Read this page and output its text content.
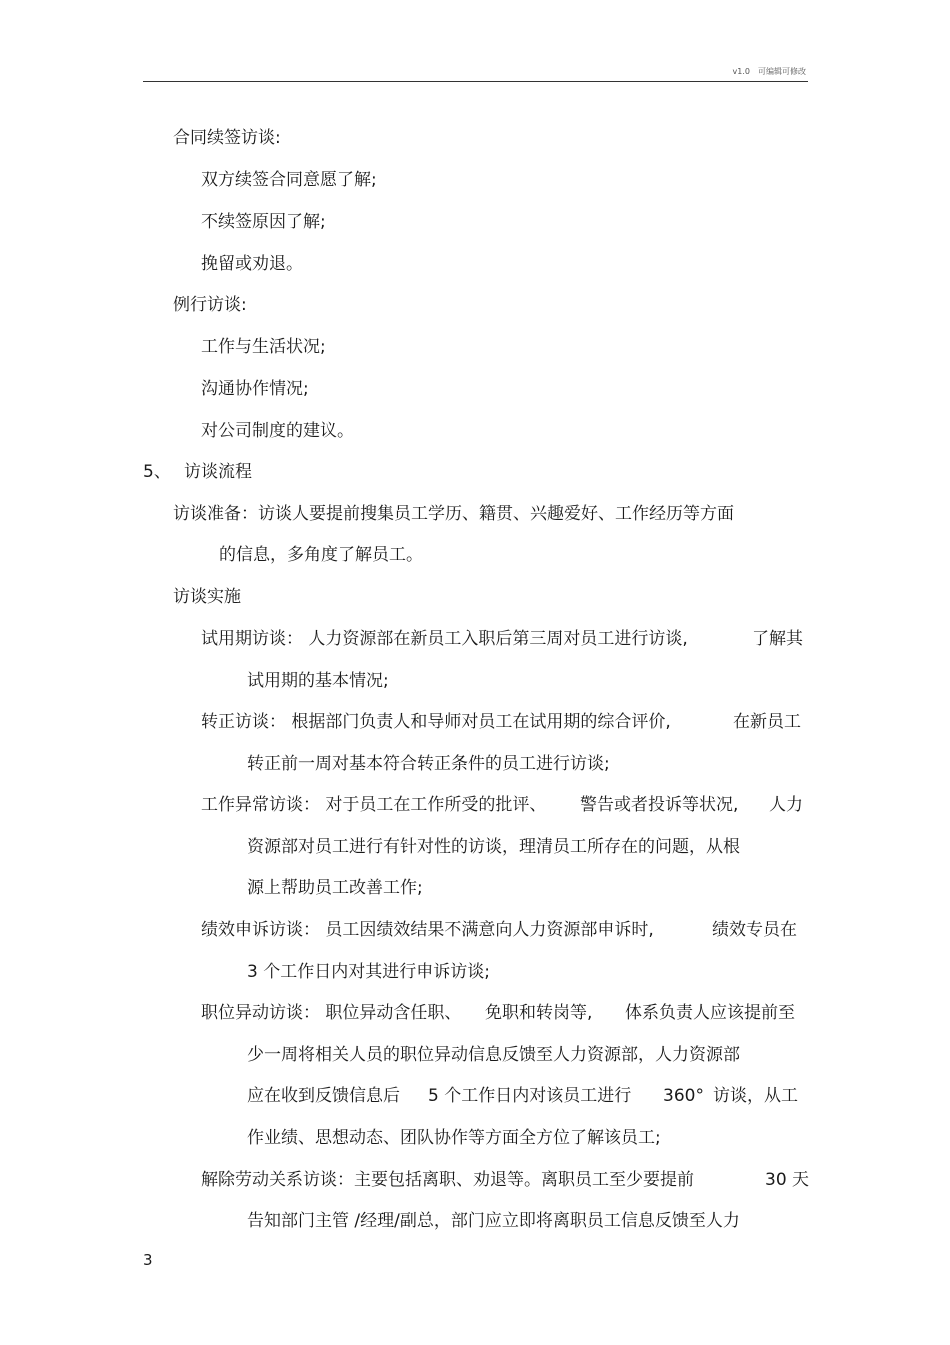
v1.0　可编辑可修改
合同续签访谈:
双方续签合同意愿了解;
不续签原因了解;
挽留或劝退。
例行访谈:
工作与生活状况;
沟通协作情况;
对公司制度的建议。
5、 访谈流程
访谈准备：访谈人要提前搜集员工学历、籍贯、兴趣爱好、工作经历等方面
的信息，多角度了解员工。
访谈实施
试用期访谈： 人力资源部在新员工入职后第三周对员工进行访谈,	了解其
试用期的基本情况;
转正访谈： 根据部门负责人和导师对员工在试用期的综合评价,	在新员工
转正前一周对基本符合转正条件的员工进行访谈;
工作异常访谈： 对于员工在工作所受的批评、 警告或者投诉等状况, 人力
资源部对员工进行有针对性的访谈，理清员工所存在的问题，从根
源上帮助员工改善工作;
绩效申诉访谈： 员工因绩效结果不满意向人力资源部申诉时,	绩效专员在
3 个工作日内对其进行申诉访谈;
职位异动访谈： 职位异动含任职、 免职和转岗等, 体系负责人应该提前至
少一周将相关人员的职位异动信息反馈至人力资源部，人力资源部
应在收到反馈信息后 5 个工作日内对该员工进行 360° 访谈，从工
作业绩、思想动态、团队协作等方面全方位了解该员工;
解除劳动关系访谈：主要包括离职、劝退等。离职员工至少要提前	30 天
告知部门主管 /经理/副总，部门应立即将离职员工信息反馈至人力
3
